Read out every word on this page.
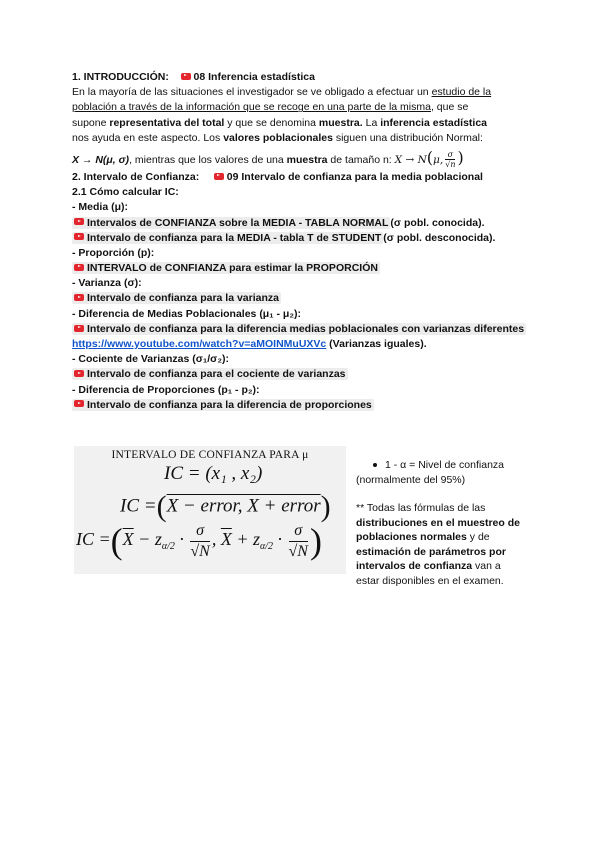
1. INTRODUCCIÓN: 08 Inferencia estadística
En la mayoría de las situaciones el investigador se ve obligado a efectuar un estudio de la
población a través de la información que se recoge en una parte de la misma, que se
supone representativa del total y que se denomina muestra. La inferencia estadística
nos ayuda en este aspecto. Los valores poblacionales siguen una distribución Normal:
X → N(μ, σ), mientras que los valores de una muestra de tamaño n: X → N(μ, $\frac{\sigma}{√n}$ )
2. Intervalo de Confianza:	09 Intervalo de confianza para la media poblacional
2.1 Cómo calcular IC:
- Media (μ):
Intervalos de CONFIANZA sobre la MEDIA - TABLA NORMAL (σ pobl. conocida).
Intervalo de confianza para la MEDIA - tabla T de STUDENT (σ pobl. desconocida).
- Proporción (p):
INTERVALO de CONFIANZA para estimar la PROPORCIÓN
- Varianza (σ):
Intervalo de confianza para la varianza
- Diferencia de Medias Poblacionales (μ₁ - μ₂):
Intervalo de confianza para la diferencia medias poblacionales con varianzas diferentes
https://www.youtube.com/watch?v=aMOINMuUXVc (Varianzas iguales).
- Cociente de Varianzas (σ₁/σ₂):
Intervalo de confianza para el cociente de varianzas
- Diferencia de Proporciones (p₁ - p₂):
Intervalo de confianza para la diferencia de proporciones
INTERVALO DE CONFIANZA PARA μ
IC = (x₁ , x₂)
IC =(X − error, X + error)
IC $=(\overline{X} - z_{\alpha/2} \cdot \frac{\sigma}{√N}$ , $\overline{X} + z_{\alpha/2} \cdot \frac{\sigma}{√N}$ )

1 - α = Nivel de confianza

(normalmente del 95%)

** Todas las fórmulas de las distribuciones en el muestreo de poblaciones normales y de estimación de parámetros por intervalos de confianza van a estar disponibles en el examen.
